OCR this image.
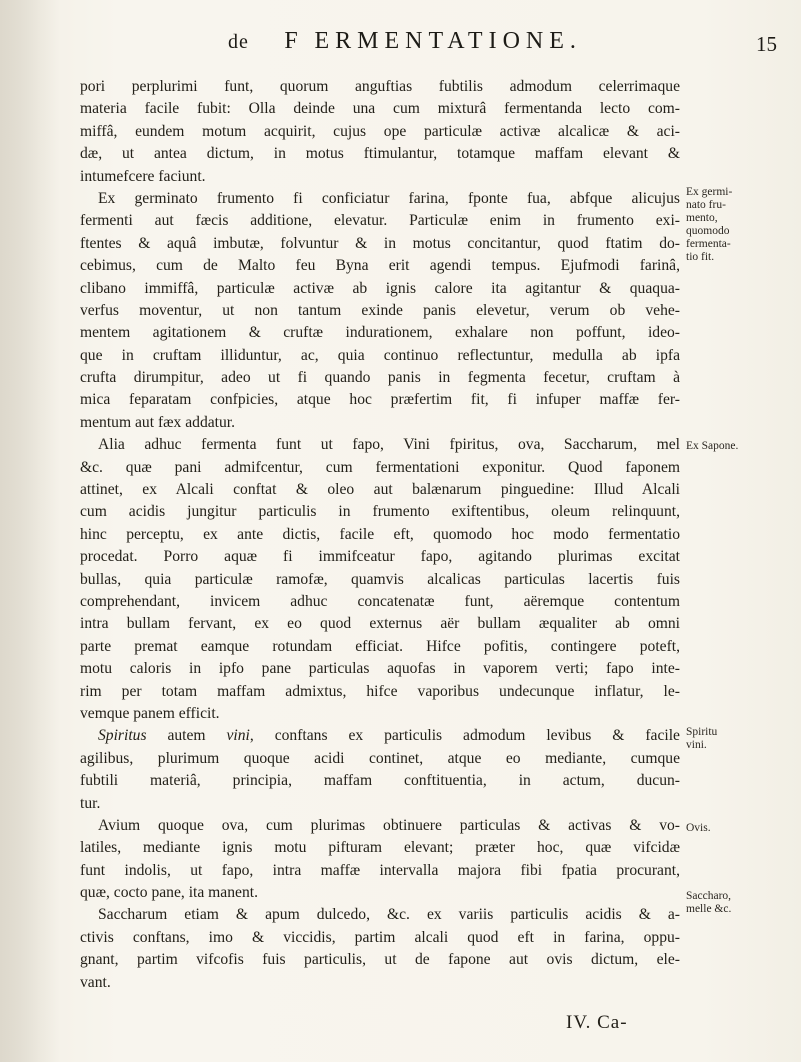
de F ERMENTATIONE.	15
pori perplurimi funt, quorum anguftias fubtilis admodum celerrimaque
materia facile fubit: Olla deinde una cum mixturâ fermentanda lecto com-
miffâ, eundem motum acquirit, cujus ope particulæ activæ alcalicæ & aci-
dæ, ut antea dictum, in motus ftimulantur, totamque maffam elevant &
intumefcere faciunt.
Ex germinato frumento fi conficiatur farina, fponte fua, abfque alicujus
fermenti aut fæcis additione, elevatur. Particulæ enim in frumento exi-
ftentes & aquâ imbutæ, folvuntur & in motus concitantur, quod ftatim do-
cebimus, cum de Malto feu Byna erit agendi tempus. Ejufmodi farinâ,
clibano immiffâ, particulæ activæ ab ignis calore ita agitantur & quaqua-
verfus moventur, ut non tantum exinde panis elevetur, verum ob vehe-
mentem agitationem & cruftæ indurationem, exhalare non poffunt, ideo-
que in cruftam illiduntur, ac, quia continuo reflectuntur, medulla ab ipfa
crufta dirumpitur, adeo ut fi quando panis in fegmenta fecetur, cruftam à
mica feparatam confpicies, atque hoc præfertim fit, fi infuper maffæ fer-
mentum aut fæx addatur.
Alia adhuc fermenta funt ut fapo, Vini fpiritus, ova, Saccharum, mel
&c. quæ pani admifcentur, cum fermentationi exponitur. Quod faponem
attinet, ex Alcali conftat & oleo aut balænarum pinguedine: Illud Alcali
cum acidis jungitur particulis in frumento exiftentibus, oleum relinquunt,
hinc perceptu, ex ante dictis, facile eft, quomodo hoc modo fermentatio
procedat. Porro aquæ fi immifceatur fapo, agitando plurimas excitat
bullas, quia particulæ ramofæ, quamvis alcalicas particulas lacertis fuis
comprehendant, invicem adhuc concatenatæ funt, aëremque contentum
intra bullam fervant, ex eo quod externus aër bullam æqualiter ab omni
parte premat eamque rotundam efficiat. Hifce pofitis, contingere poteft,
motu caloris in ipfo pane particulas aquofas in vaporem verti; fapo inte-
rim per totam maffam admixtus, hifce vaporibus undecunque inflatur, le-
vemque panem efficit.
Spiritus autem vini, conftans ex particulis admodum levibus & facile
agilibus, plurimum quoque acidi continet, atque eo mediante, cumque
fubtili materiâ, principia, maffam conftituentia, in actum, ducun-
tur.
Avium quoque ova, cum plurimas obtinuere particulas & activas & vo-
latiles, mediante ignis motu pifturam elevant; præter hoc, quæ vifcidæ
funt indolis, ut fapo, intra maffæ intervalla majora fibi fpatia procurant,
quæ, cocto pane, ita manent.
Saccharum etiam & apum dulcedo, &c. ex variis particulis acidis & a-
ctivis conftans, imo & viccidis, partim alcali quod eft in farina, oppu-
gnant, partim vifcofis fuis particulis, ut de fapone aut ovis dictum, ele-
vant.
Ex germi-
nato fru-
mento,
quomodo
fermenta-
tio fit.
Ex Sapone.
Spiritu
vini.
Ovis.
Saccharo,
melle &c.
IV. Ca-
